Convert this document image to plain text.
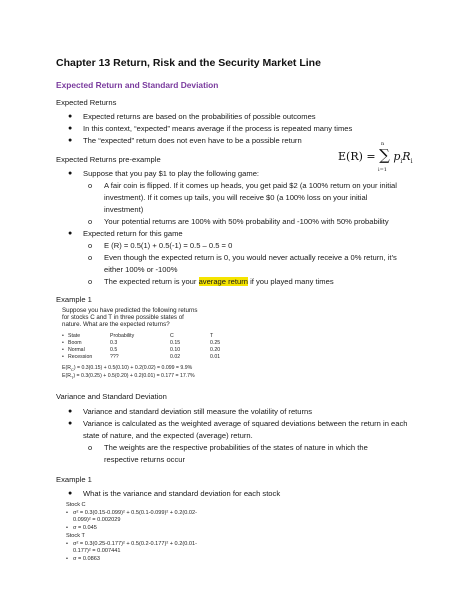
Chapter 13 Return, Risk and the Security Market Line
Expected Return and Standard Deviation
Expected Returns
● Expected returns are based on the probabilities of possible outcomes
● In this context, “expected” means average if the process is repeated many times
● The “expected” return does not even have to be a possible return
E(R) = ∑ $p_iR_i$
n
i=1
Expected Returns pre-example
● Suppose that you pay $1 to play the following game:
o A fair coin is flipped. If it comes up heads, you get paid $2 (a 100% return on your initial
investment). If it comes up tails, you will receive $0 (a 100% loss on your initial
investment)
o Your potential returns are 100% with 50% probability and -100% with 50% probability
● Expected return for this game
o E (R) = 0.5(1) + 0.5(-1) = 0.5 – 0.5 = 0
o Even though the expected return is 0, you would never actually receive a 0% return, it’s
either 100% or -100%
o The expected return is your average return if you played many times
Example 1
Suppose you have predicted the following returns
for stocks C and T in three possible states of
nature. What are the expected returns?
• State	Probability	C	T
• Boom	0.3	0.15	0.25
• Normal	0.5	0.10	0.20
• Recession	???	0.02	0.01
$E(R_C) = 0.3(0.15) + 0.5(0.10) + 0.2(0.02) = 0.099 = 9.9\%$
$E(R_T) = 0.3(0.25) + 0.5(0.20) + 0.2(0.01) = 0.177 = 17.7\%$
Variance and Standard Deviation
● Variance and standard deviation still measure the volatility of returns
● Variance is calculated as the weighted average of squared deviations between the return in each
state of nature, and the expected (average) return.
o The weights are the respective probabilities of the states of nature in which the
respective returns occur
Example 1
● What is the variance and standard deviation for each stock
Stock C
• σ² = 0.3(0.15-0.099)² + 0.5(0.1-0.099)² + 0.2(0.02-
0.099)² = 0.002029
• σ = 0.045
Stock T
• σ² = 0.3(0.25-0.177)² + 0.5(0.2-0.177)² + 0.2(0.01-
0.177)² = 0.007441
• σ = 0.0863
